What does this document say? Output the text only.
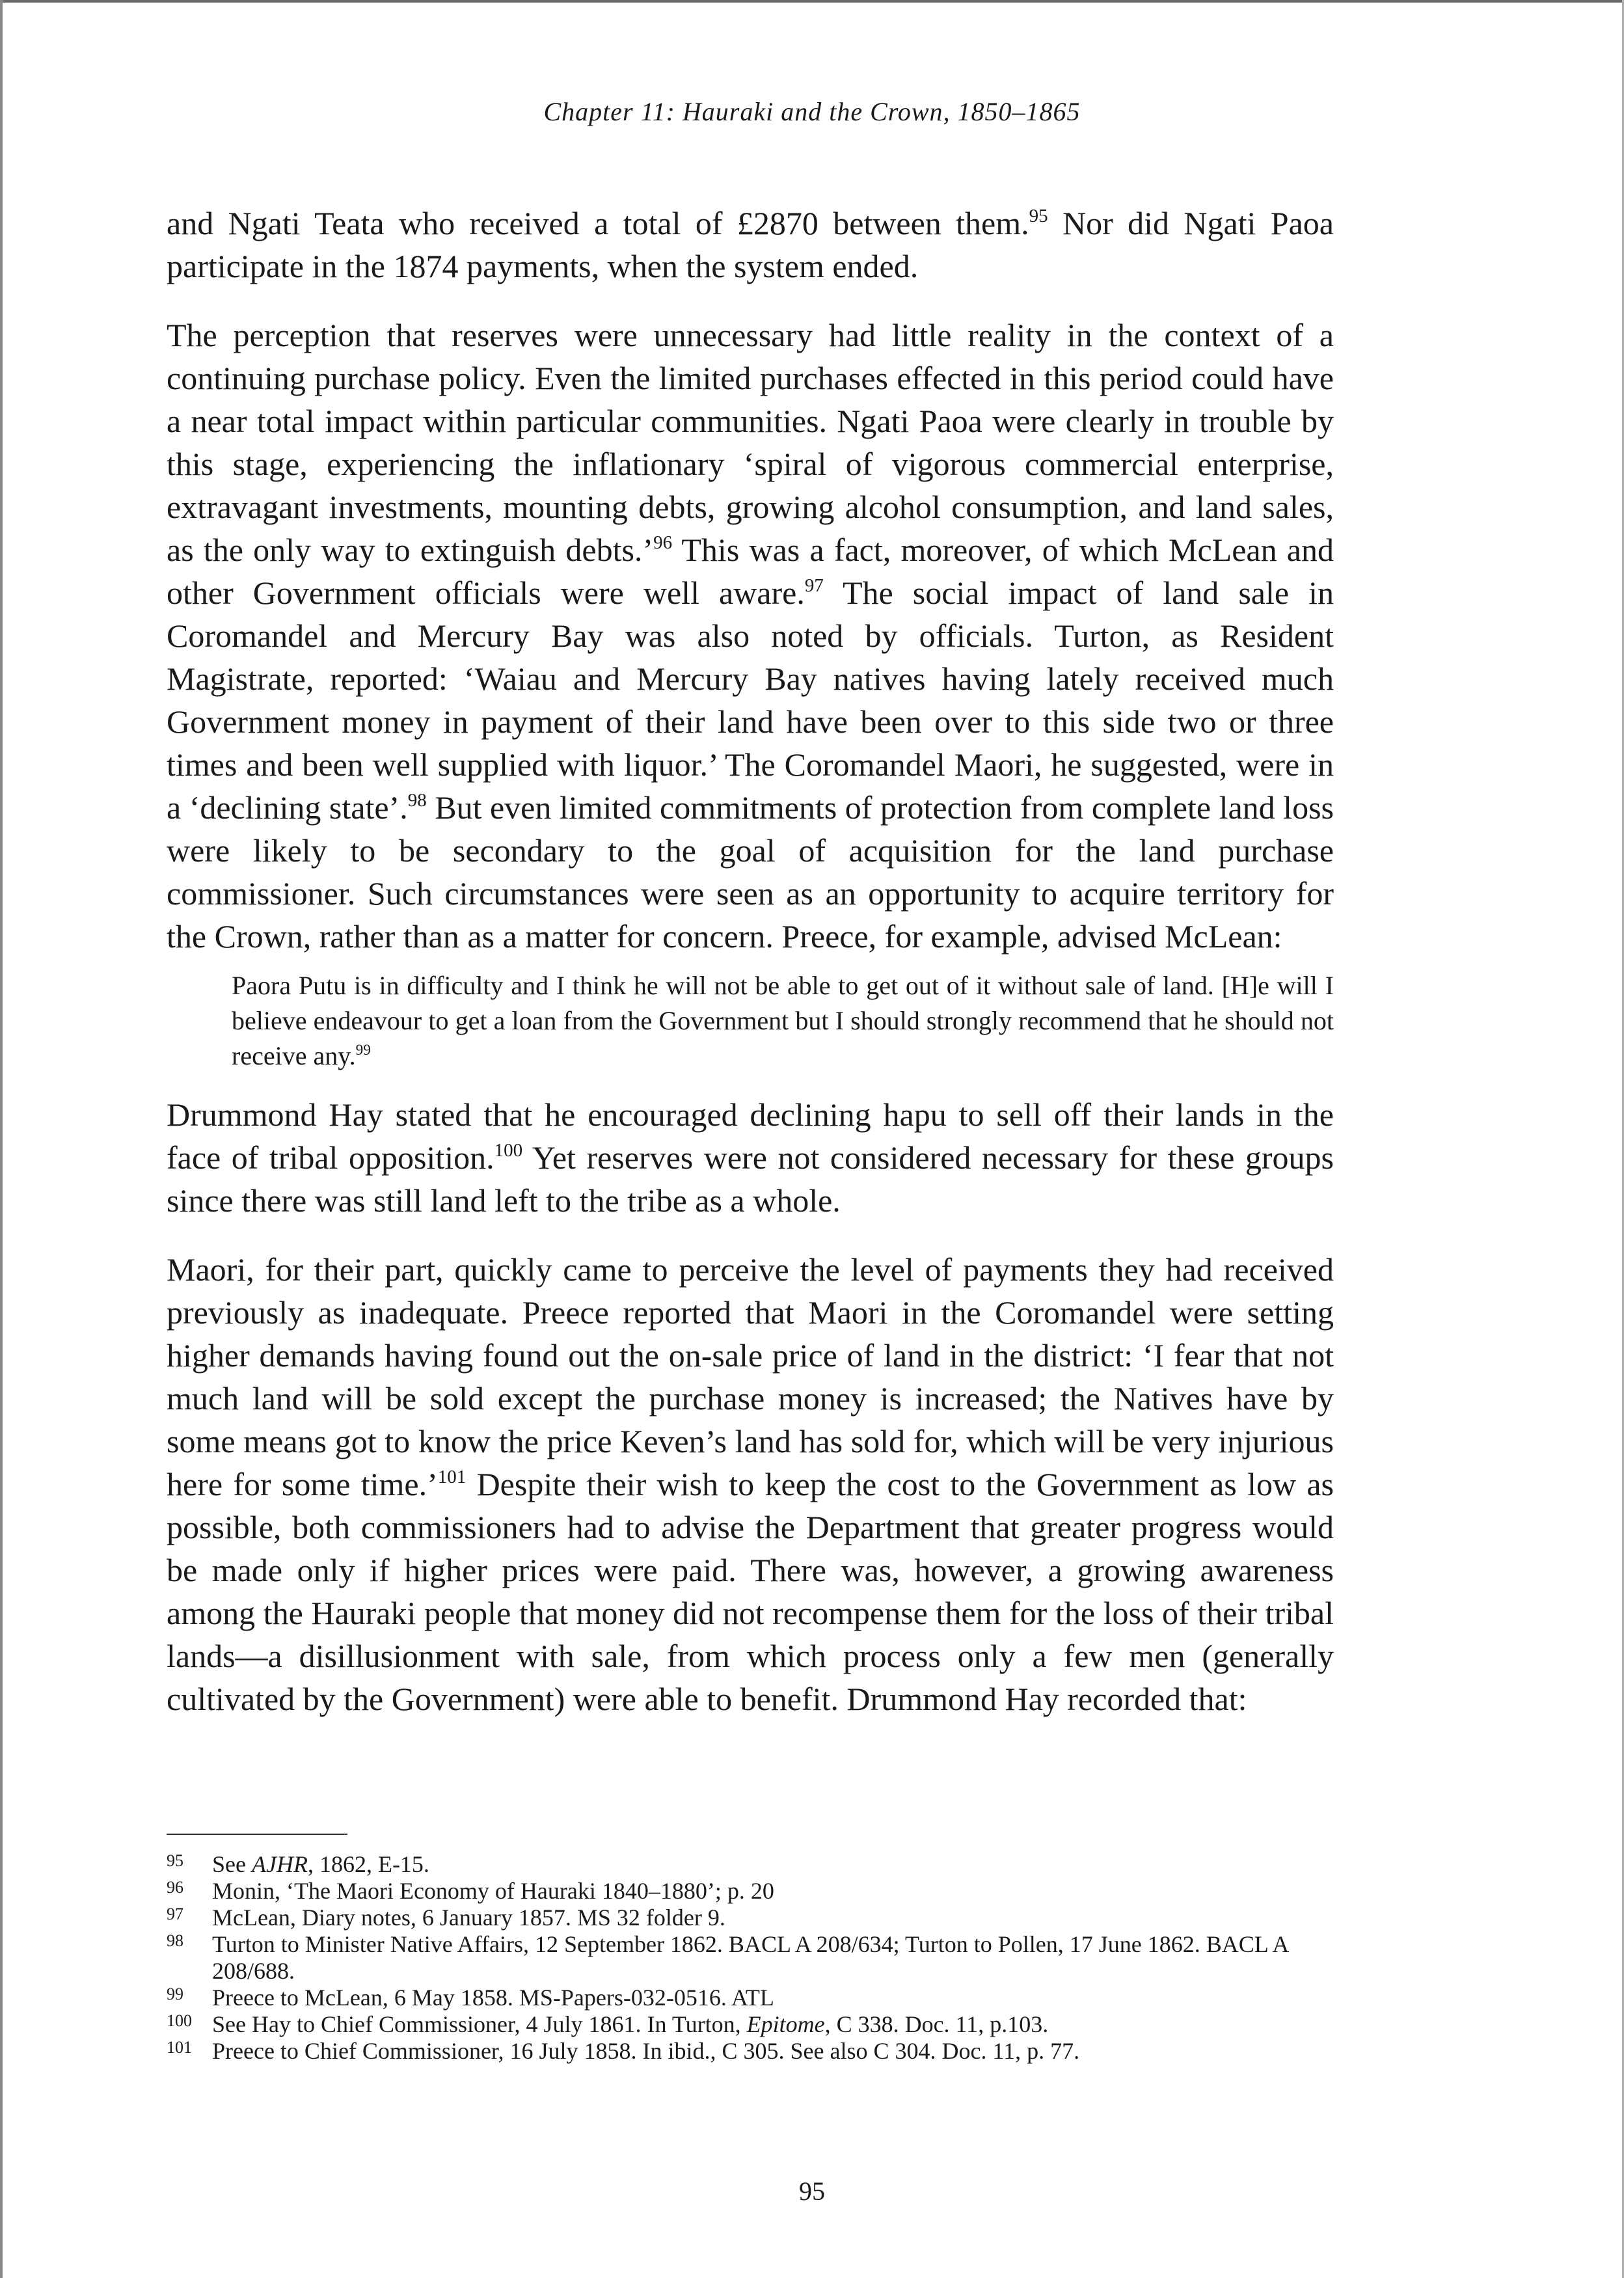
Chapter 11: Hauraki and the Crown, 1850–1865

and Ngati Teata who received a total of £2870 between them.$^{95}$ Nor did Ngati Paoa participate in the 1874 payments, when the system ended.

The perception that reserves were unnecessary had little reality in the context of a continuing purchase policy. Even the limited purchases effected in this period could have a near total impact within particular communities. Ngati Paoa were clearly in trouble by this stage, experiencing the inflationary ‘spiral of vigorous commercial enterprise, extravagant investments, mounting debts, growing alcohol consumption, and land sales, as the only way to extinguish debts.’$^{96}$ This was a fact, moreover, of which McLean and other Government officials were well aware.$^{97}$ The social impact of land sale in Coromandel and Mercury Bay was also noted by officials. Turton, as Resident Magistrate, reported: ‘Waiau and Mercury Bay natives having lately received much Government money in payment of their land have been over to this side two or three times and been well supplied with liquor.’ The Coromandel Maori, he suggested, were in a ‘declining state’.$^{98}$ But even limited commitments of protection from complete land loss were likely to be secondary to the goal of acquisition for the land purchase commissioner. Such circumstances were seen as an opportunity to acquire territory for the Crown, rather than as a matter for concern. Preece, for example, advised McLean:

Paora Putu is in difficulty and I think he will not be able to get out of it without sale of land. [H]e will I believe endeavour to get a loan from the Government but I should strongly recommend that he should not receive any.$^{99}$

Drummond Hay stated that he encouraged declining hapu to sell off their lands in the face of tribal opposition.$^{100}$ Yet reserves were not considered necessary for these groups since there was still land left to the tribe as a whole.

Maori, for their part, quickly came to perceive the level of payments they had received previously as inadequate. Preece reported that Maori in the Coromandel were setting higher demands having found out the on-sale price of land in the district: ‘I fear that not much land will be sold except the purchase money is increased; the Natives have by some means got to know the price Keven’s land has sold for, which will be very injurious here for some time.’$^{101}$ Despite their wish to keep the cost to the Government as low as possible, both commissioners had to advise the Department that greater progress would be made only if higher prices were paid. There was, however, a growing awareness among the Hauraki people that money did not recompense them for the loss of their tribal lands—a disillusionment with sale, from which process only a few men (generally cultivated by the Government) were able to benefit. Drummond Hay recorded that:

95 See AJHR, 1862, E-15.
96 Monin, ‘The Maori Economy of Hauraki 1840–1880’; p. 20
97 McLean, Diary notes, 6 January 1857. MS 32 folder 9.
98 Turton to Minister Native Affairs, 12 September 1862. BACL A 208/634; Turton to Pollen, 17 June 1862. BACL A 208/688.
99 Preece to McLean, 6 May 1858. MS-Papers-032-0516. ATL
100 See Hay to Chief Commissioner, 4 July 1861. In Turton, Epitome, C 338. Doc. 11, p.103.
101 Preece to Chief Commissioner, 16 July 1858. In ibid., C 305. See also C 304. Doc. 11, p. 77.
95
